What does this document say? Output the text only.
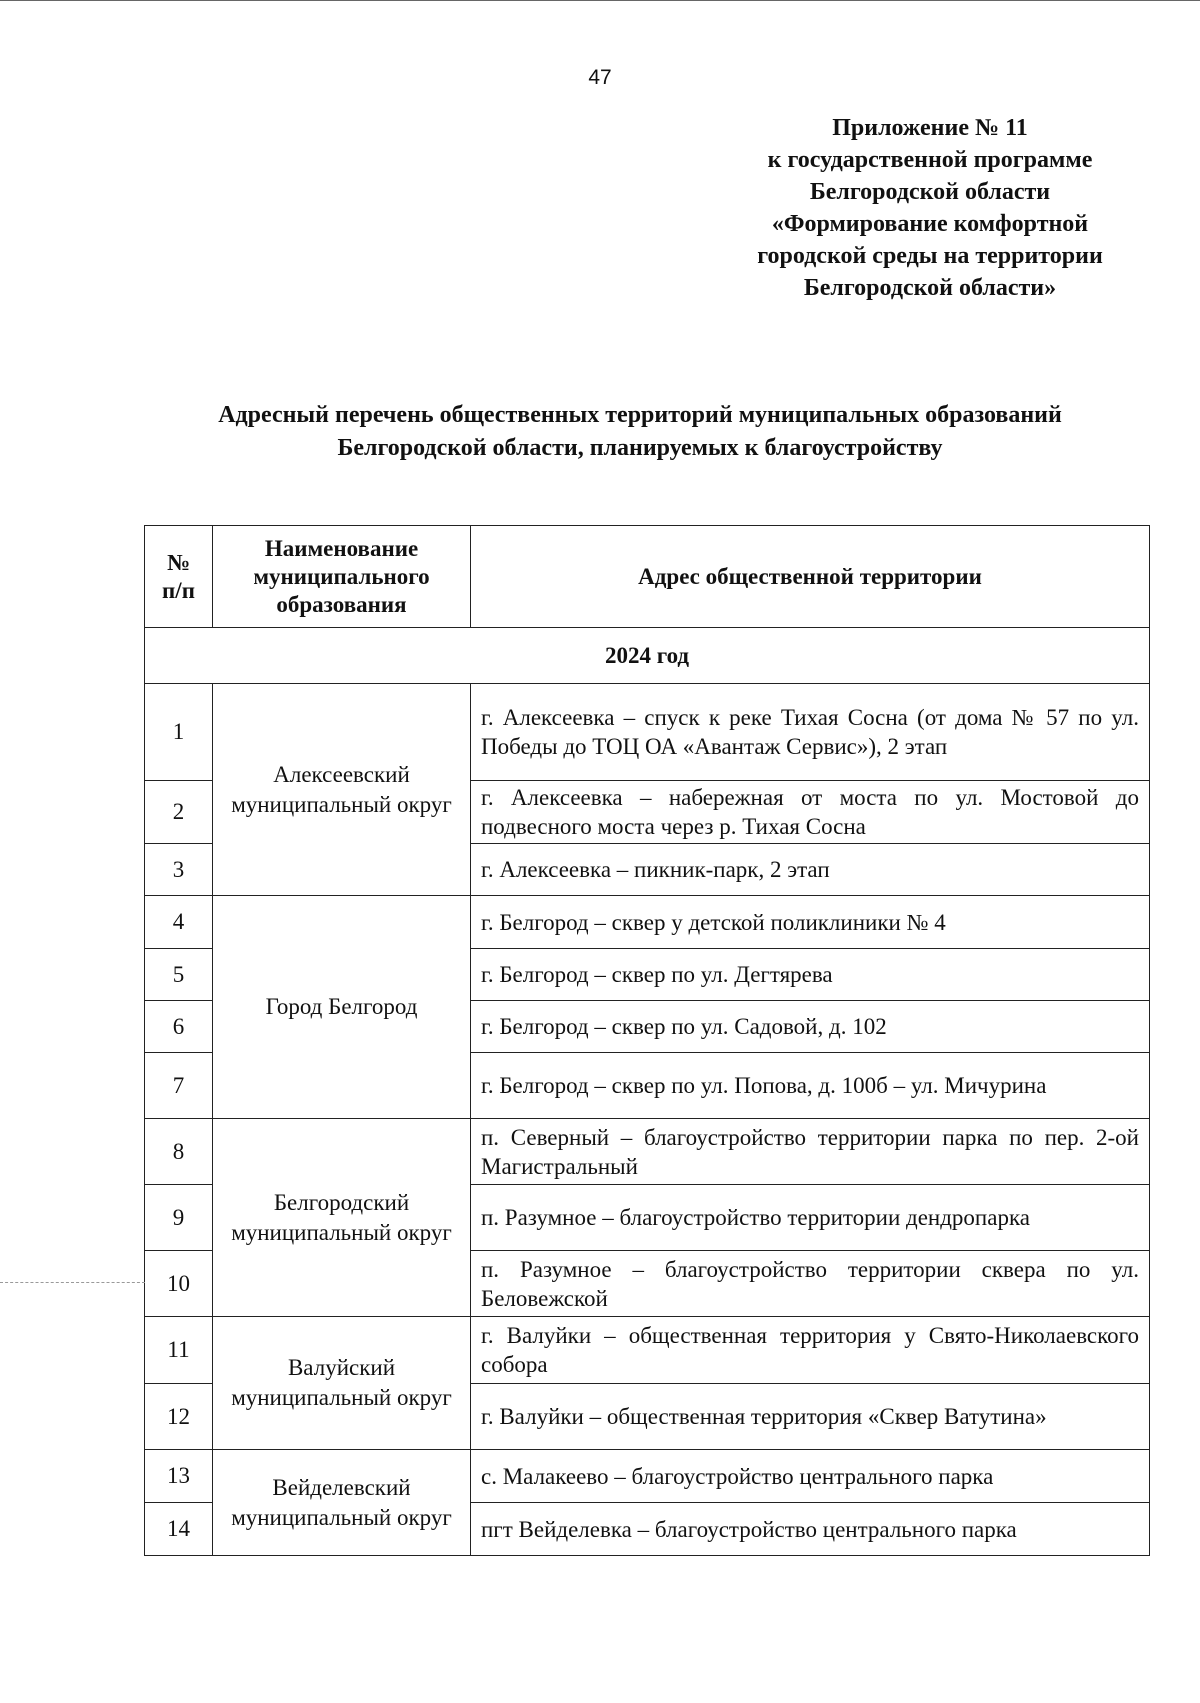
47
Приложение № 11
к государственной программе
Белгородской области
«Формирование комфортной
городской среды на территории
Белгородской области»
Адресный перечень общественных территорий муниципальных образований
Белгородской области, планируемых к благоустройству
№ п/п	Наименование муниципального образования	Адрес общественной территории
2024 год		
1	Алексеевский муниципальный округ	г. Алексеевка – спуск к реке Тихая Сосна (от дома № 57 по ул. Победы до ТОЦ ОА «Авантаж Сервис»), 2 этап
2		г. Алексеевка – набережная от моста по ул. Мостовой до подвесного моста через р. Тихая Сосна
3		г. Алексеевка – пикник-парк, 2 этап
4	Город Белгород	г. Белгород – сквер у детской поликлиники № 4
5		г. Белгород – сквер по ул. Дегтярева
6		г. Белгород – сквер по ул. Садовой, д. 102
7		г. Белгород – сквер по ул. Попова, д. 100б – ул. Мичурина
8	Белгородский муниципальный округ	п. Северный – благоустройство территории парка по пер. 2-ой Магистральный
9		п. Разумное – благоустройство территории дендропарка
10		п. Разумное – благоустройство территории сквера по ул. Беловежской
11	Валуйский муниципальный округ	г. Валуйки – общественная территория у Свято-Николаевского собора
12		г. Валуйки – общественная территория «Сквер Ватутина»
13	Вейделевский муниципальный округ	с. Малакеево – благоустройство центрального парка
14		пгт Вейделевка – благоустройство центрального парка
